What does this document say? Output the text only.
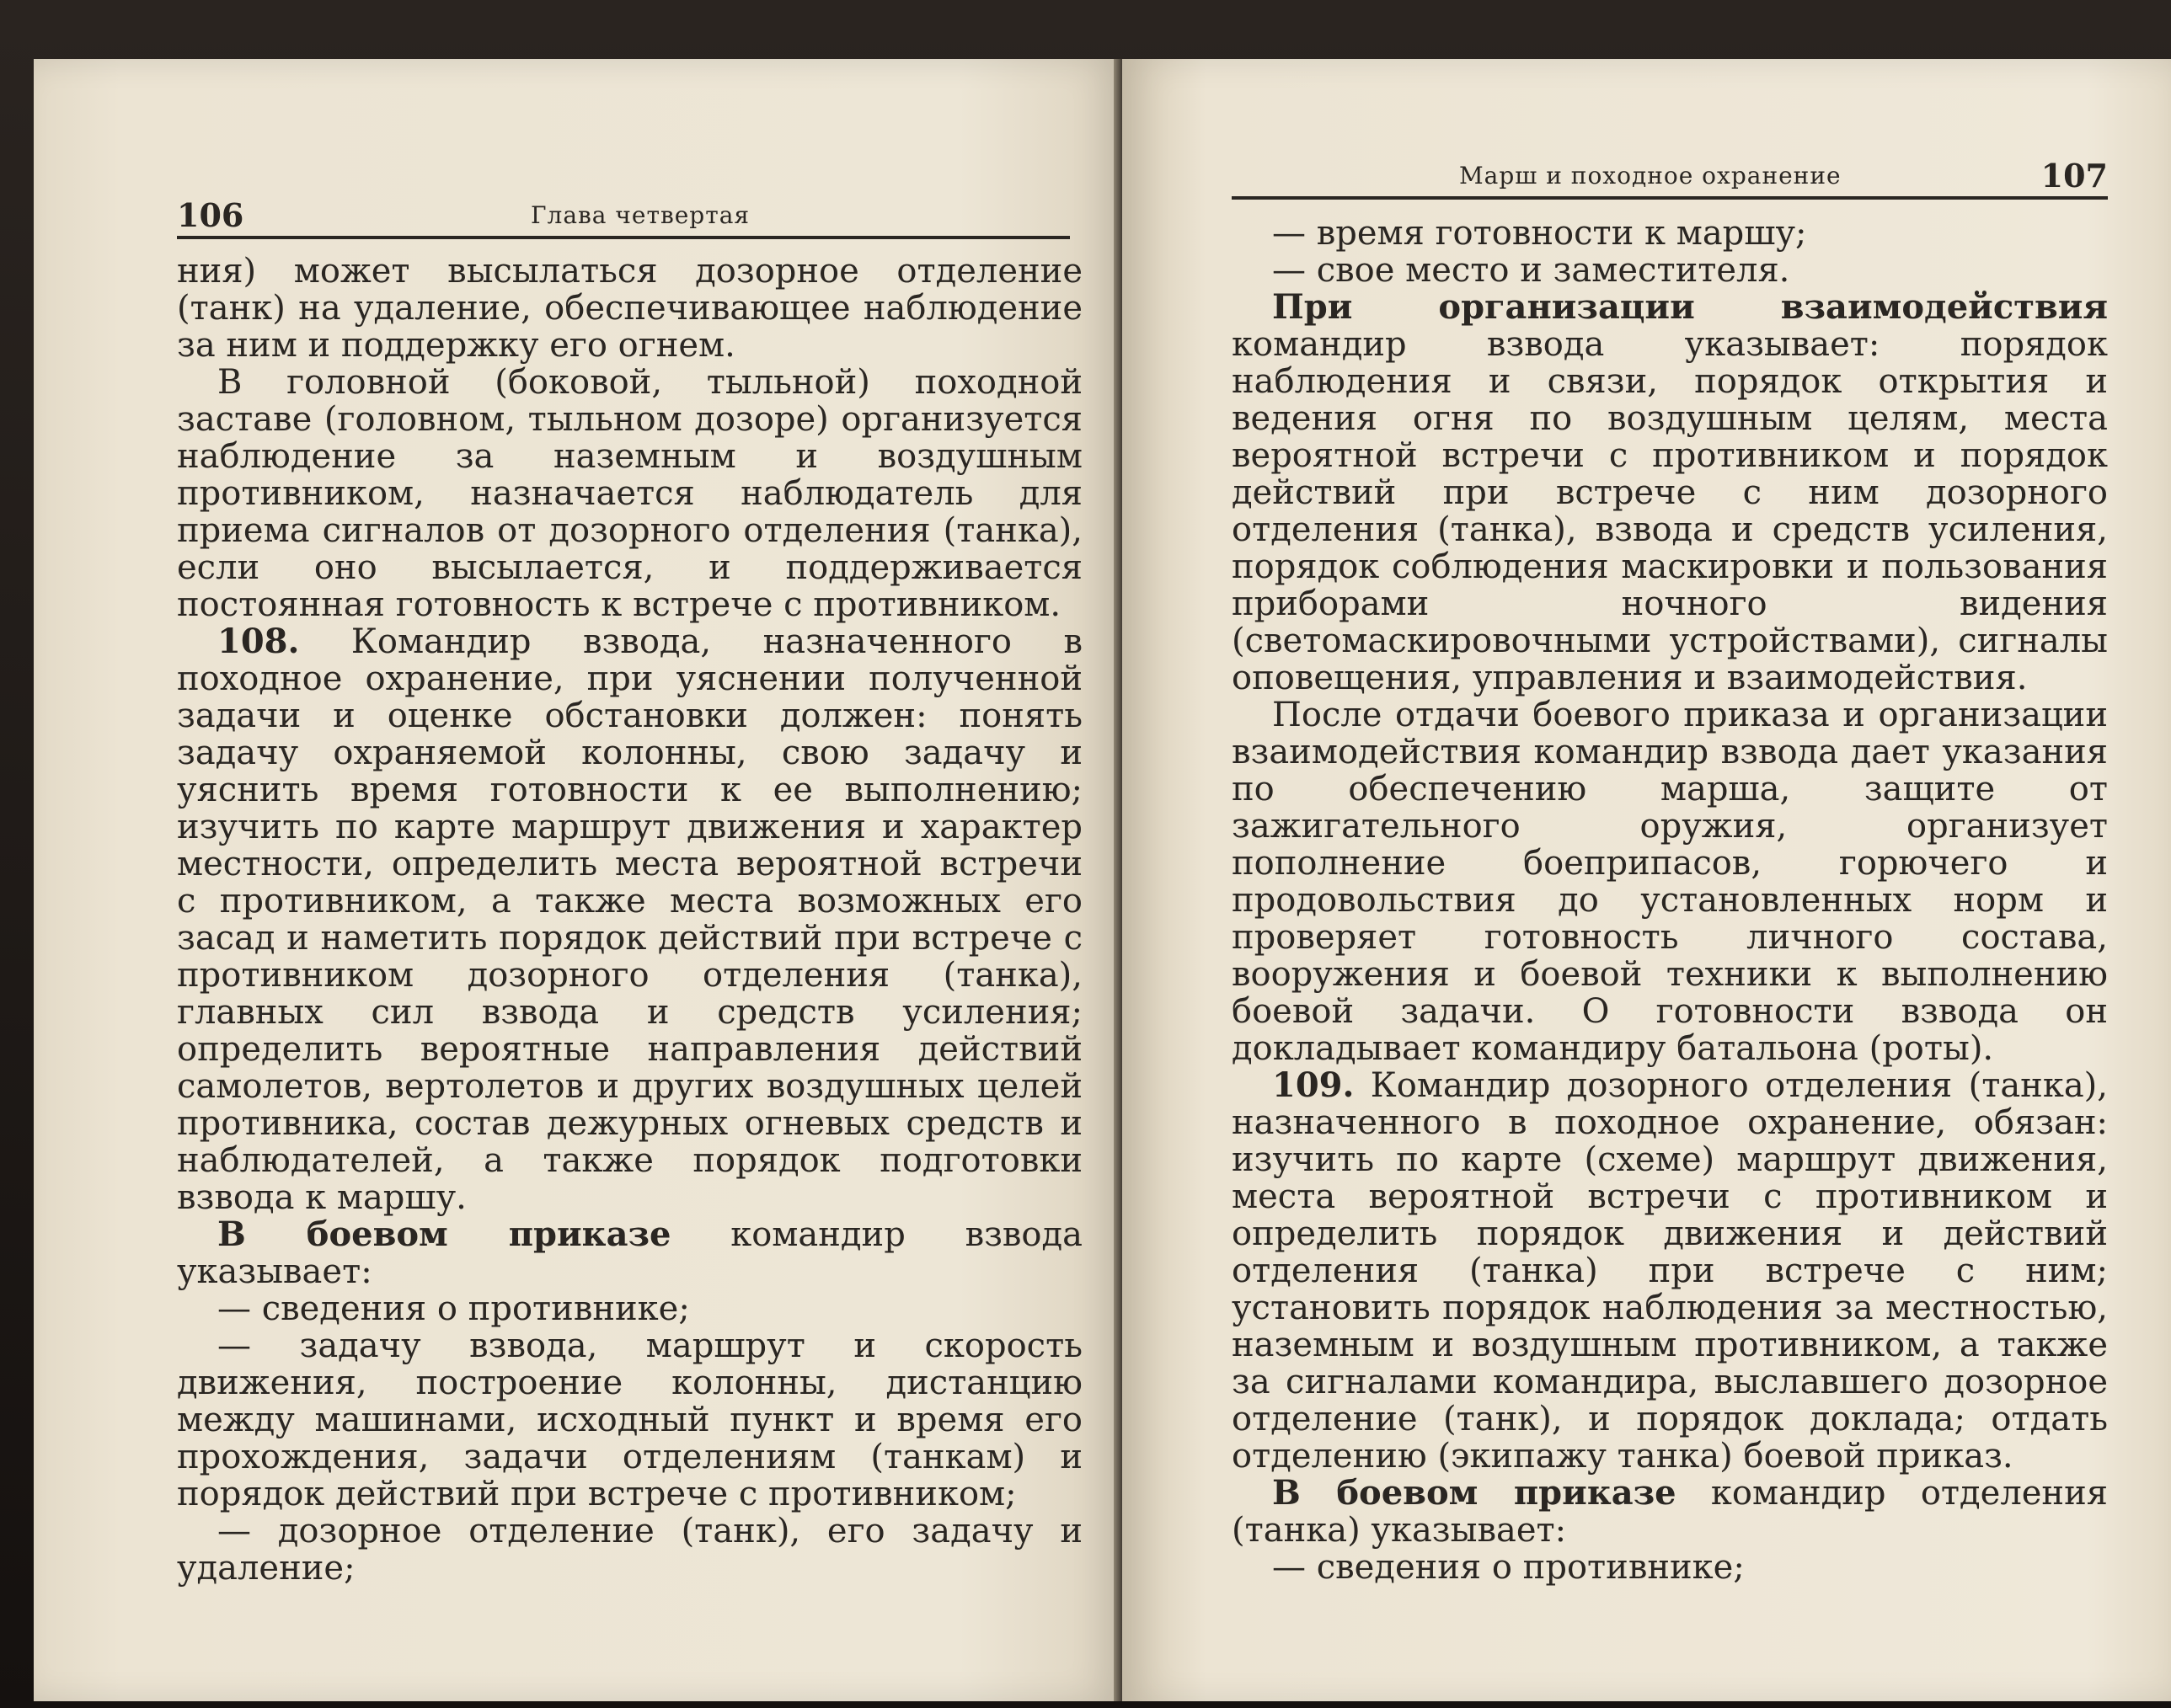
106	Глава четвертая

ния) может высылаться дозорное отделение (танк) на удаление, обеспечивающее наблюдение за ним и поддержку его огнем.

В головной (боковой, тыльной) походной заставе (головном, тыльном дозоре) организуется наблюдение за наземным и воздушным противником, назначается наблюдатель для приема сигналов от дозорного отделения (танка), если оно высылается, и поддерживается постоянная готовность к встрече с противником.

108. Командир взвода, назначенного в походное охранение, при уяснении полученной задачи и оценке обстановки должен: понять задачу охраняемой колонны, свою задачу и уяснить время готовности к ее выполнению; изучить по карте маршрут движения и характер местности, определить места вероятной встречи с противником, а также места возможных его засад и наметить порядок действий при встрече с противником дозорного отделения (танка), главных сил взвода и средств усиления; определить вероятные направления действий самолетов, вертолетов и других воздушных целей противника, состав дежурных огневых средств и наблюдателей, а также порядок подготовки взвода к маршу.

В боевом приказе командир взвода указывает:

— сведения о противнике;

— задачу взвода, маршрут и скорость движения, построение колонны, дистанцию между машинами, исходный пункт и время его прохождения, задачи отделениям (танкам) и порядок действий при встрече с противником;

— дозорное отделение (танк), его задачу и удаление;

Марш и походное охранение	107

— время готовности к маршу;

— свое место и заместителя.

При организации взаимодействия командир взвода указывает: порядок наблюдения и связи, порядок открытия и ведения огня по воздушным целям, места вероятной встречи с противником и порядок действий при встрече с ним дозорного отделения (танка), взвода и средств усиления, порядок соблюдения маскировки и пользования приборами ночного видения (светомаскировочными устройствами), сигналы оповещения, управления и взаимодействия.

После отдачи боевого приказа и организации взаимодействия командир взвода дает указания по обеспечению марша, защите от зажигательного оружия, организует пополнение боеприпасов, горючего и продовольствия до установленных норм и проверяет готовность личного состава, вооружения и боевой техники к выполнению боевой задачи. О готовности взвода он докладывает командиру батальона (роты).

109. Командир дозорного отделения (танка), назначенного в походное охранение, обязан: изучить по карте (схеме) маршрут движения, места вероятной встречи с противником и определить порядок движения и действий отделения (танка) при встрече с ним; установить порядок наблюдения за местностью, наземным и воздушным противником, а также за сигналами командира, выславшего дозорное отделение (танк), и порядок доклада; отдать отделению (экипажу танка) боевой приказ.

В боевом приказе командир отделения (танка) указывает:

— сведения о противнике;
